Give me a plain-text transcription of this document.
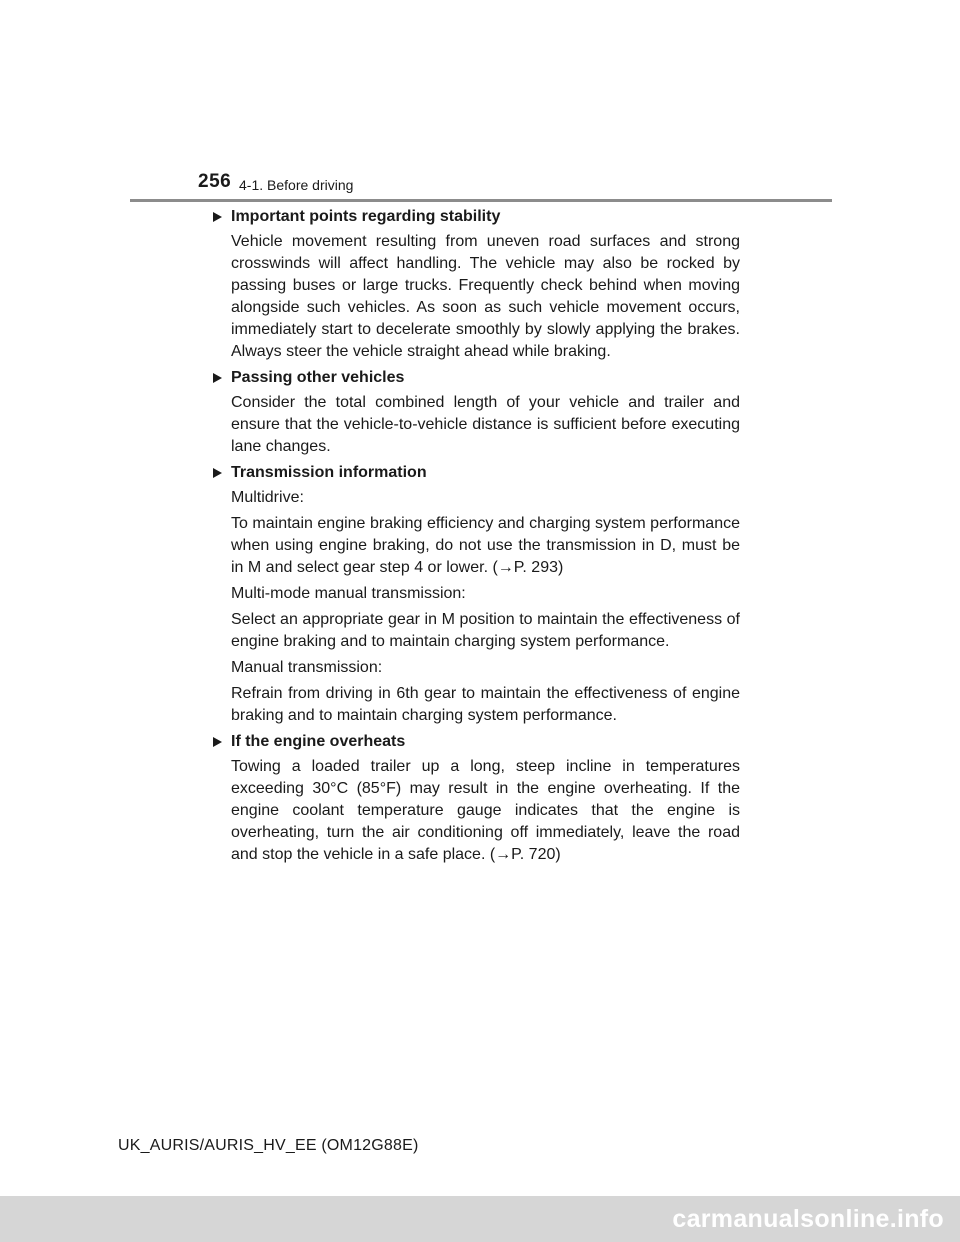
256 4-1. Before driving
Important points regarding stability

Vehicle movement resulting from uneven road surfaces and strong crosswinds will affect handling. The vehicle may also be rocked by passing buses or large trucks. Frequently check behind when moving alongside such vehicles. As soon as such vehicle movement occurs, immediately start to decelerate smoothly by slowly applying the brakes. Always steer the vehicle straight ahead while braking.

Passing other vehicles

Consider the total combined length of your vehicle and trailer and ensure that the vehicle-to-vehicle distance is sufficient before executing lane changes.

Transmission information

Multidrive:

To maintain engine braking efficiency and charging system performance when using engine braking, do not use the transmission in D, must be in M and select gear step 4 or lower. (→P. 293)

Multi-mode manual transmission:

Select an appropriate gear in M position to maintain the effectiveness of engine braking and to maintain charging system performance.

Manual transmission:

Refrain from driving in 6th gear to maintain the effectiveness of engine braking and to maintain charging system performance.

If the engine overheats

Towing a loaded trailer up a long, steep incline in temperatures exceeding 30°C (85°F) may result in the engine overheating. If the engine coolant temperature gauge indicates that the engine is overheating, turn the air conditioning off immediately, leave the road and stop the vehicle in a safe place. (→P. 720)

UK_AURIS/AURIS_HV_EE (OM12G88E)
carmanualsonline.info
